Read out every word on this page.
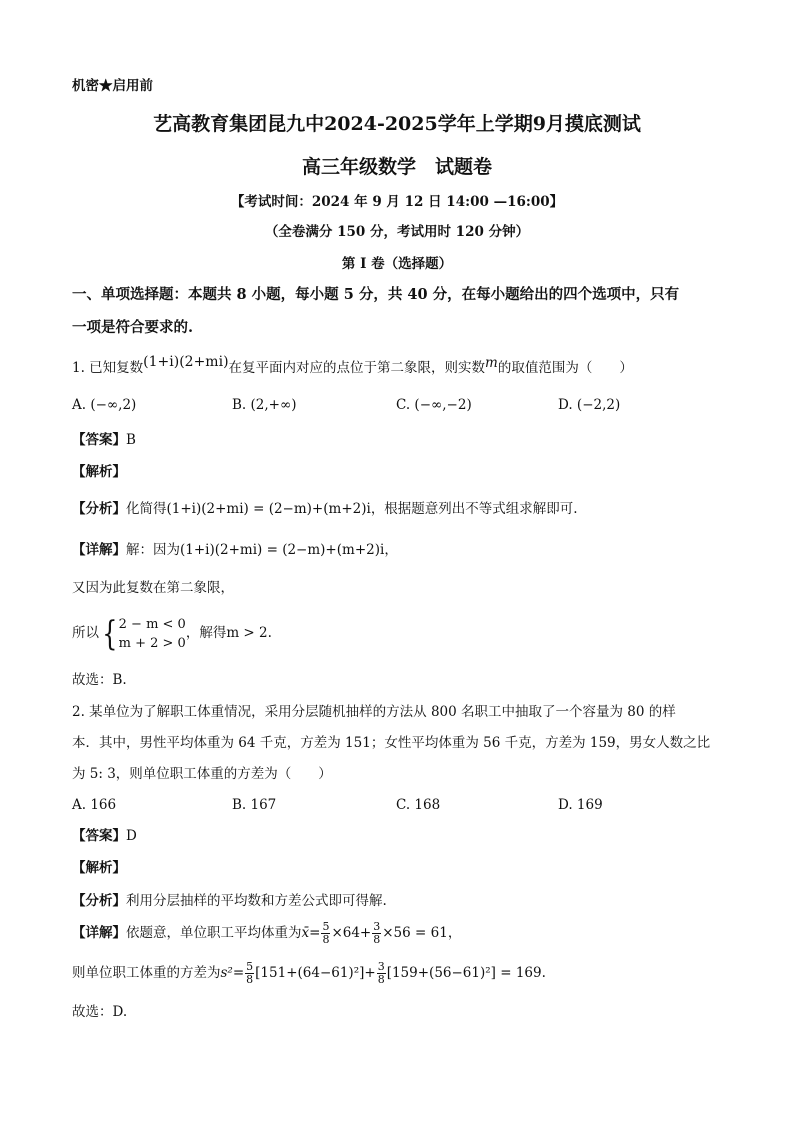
机密★启用前
艺高教育集团昆九中2024-2025学年上学期9月摸底测试
高三年级数学　试题卷
【考试时间：2024 年 9 月 12 日 14:00 —16:00】
（全卷满分 150 分，考试用时 120 分钟）
第 I 卷（选择题）
一、单项选择题：本题共 8 小题，每小题 5 分，共 40 分，在每小题给出的四个选项中，只有
一项是符合要求的.
1. 已知复数(1+i)(2+mi)在复平面内对应的点位于第二象限，则实数m的取值范围为（　　）
A. (−∞,2)	B. (2,+∞)	C. (−∞,−2)	D. (−2,2)
【答案】B
【解析】
【分析】化简得(1+i)(2+mi) = (2−m)+(m+2)i，根据题意列出不等式组求解即可.
【详解】解：因为(1+i)(2+mi) = (2−m)+(m+2)i，
又因为此复数在第二象限，
所以{ 2 − m < 0
m + 2 > 0
，解得m > 2.
故选：B.
2. 某单位为了解职工体重情况，采用分层随机抽样的方法从 800 名职工中抽取了一个容量为 80 的样
本．其中，男性平均体重为 64 千克，方差为 151；女性平均体重为 56 千克，方差为 159，男女人数之比
为 5: 3，则单位职工体重的方差为（　　）
A. 166	B. 167	C. 168	D. 169
【答案】D
【解析】
【分析】利用分层抽样的平均数和方差公式即可得解.
【详解】依题意，单位职工平均体重为x̄= $\frac{5}{8} \times 64+ \frac{3}{8} \times 56 = 61$，
则单位职工体重的方差为$s^2= \frac{5}{8} [151+(64-61)^2]+ \frac{3}{8} [159+(56-61)^2] = 169$.
故选：D.
